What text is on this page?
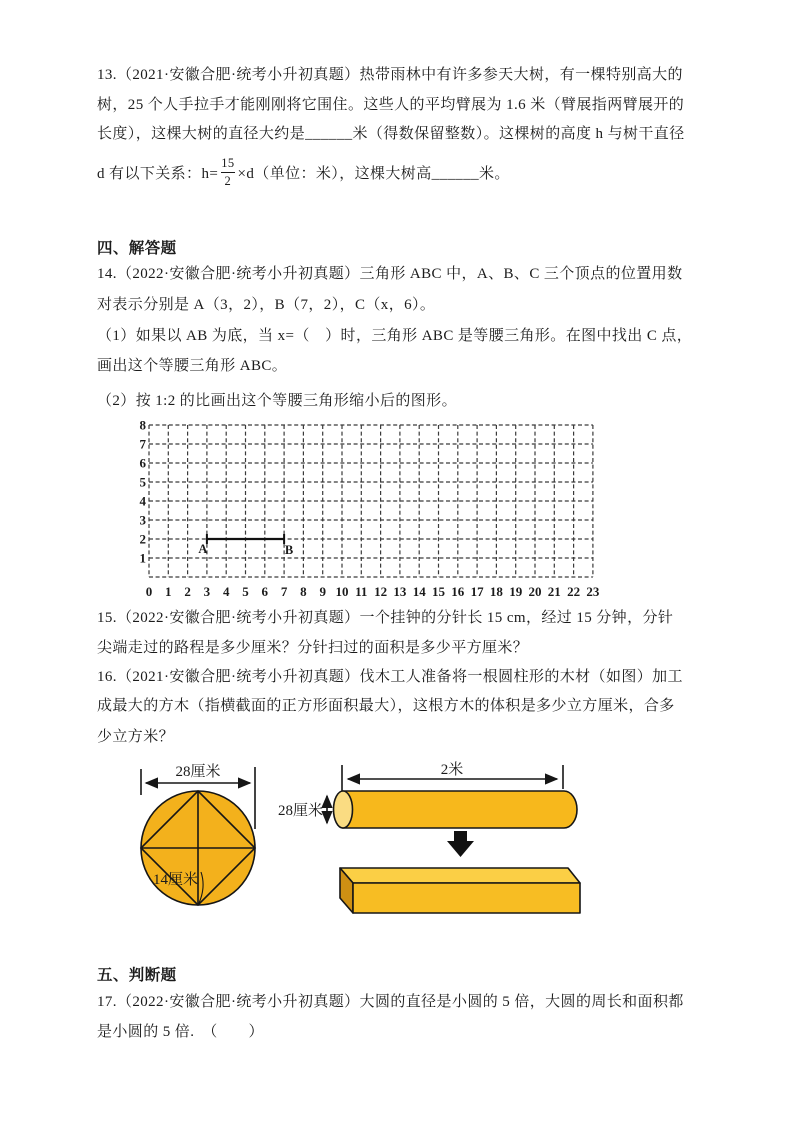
13.（2021·安徽合肥·统考小升初真题）热带雨林中有许多参天大树，有一棵特别高大的
树，25 个人手拉手才能刚刚将它围住。这些人的平均臂展为 1.6 米（臂展指两臂展开的
长度），这棵大树的直径大约是______米（得数保留整数）。这棵树的高度 h 与树干直径
d 有以下关系：$h= \frac{15}{2} \times d$（单位：米），这棵大树高______米。
四、解答题
14.（2022·安徽合肥·统考小升初真题）三角形 ABC 中，A、B、C 三个顶点的位置用数
对表示分别是 A（3，2），B（7，2），C（x，6）。
（1）如果以 AB 为底，当 x=（　）时，三角形 ABC 是等腰三角形。在图中找出 C 点，
画出这个等腰三角形 ABC。
（2）按 1:2 的比画出这个等腰三角形缩小后的图形。
8
7
6
5
4
3
2
1
0 1 2 3 4 5 6 7 8 9 10 11 12 13 14 15 16 17 18 19 20 21 22 23
A	B
15.（2022·安徽合肥·统考小升初真题）一个挂钟的分针长 15 cm，经过 15 分钟，分针
尖端走过的路程是多少厘米？分针扫过的面积是多少平方厘米？
16.（2021·安徽合肥·统考小升初真题）伐木工人准备将一根圆柱形的木材（如图）加工
成最大的方木（指横截面的正方形面积最大），这根方木的体积是多少立方厘米，合多
少立方米？
28厘米
14厘米
2米
28厘米
五、判断题
17.（2022·安徽合肥·统考小升初真题）大圆的直径是小圆的 5 倍，大圆的周长和面积都
是小圆的 5 倍.　（　　）
